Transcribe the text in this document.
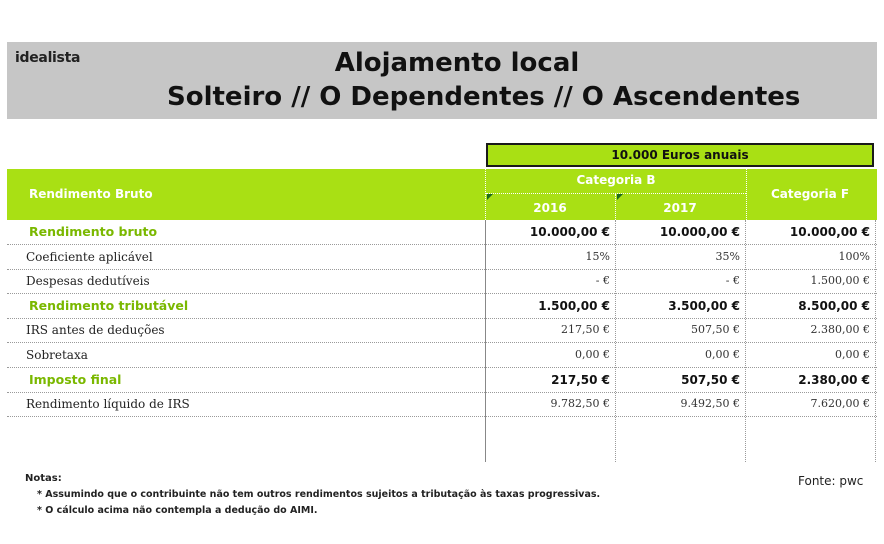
idealista	Alojamento local
Solteiro // O Dependentes // O Ascendentes
10.000 Euros anuais
Rendimento Bruto
Categoria B
Categoria F
2016	2017
Rendimento bruto	10.000,00 €	10.000,00 €	10.000,00 €
Coeficiente aplicável	15%	35%	100%
Despesas dedutíveis	- €	- €	1.500,00 €
Rendimento tributável	1.500,00 €	3.500,00 €	8.500,00 €
IRS antes de deduções	217,50 €	507,50 €	2.380,00 €
Sobretaxa	0,00 €	0,00 €	0,00 €
Imposto final	217,50 €	507,50 €	2.380,00 €
Rendimento líquido de IRS	9.782,50 €	9.492,50 €	7.620,00 €
Notas:
* Assumindo que o contribuinte não tem outros rendimentos sujeitos a tributação às taxas progressivas.
* O cálculo acima não contempla a dedução do AIMI.
Fonte: pwc
